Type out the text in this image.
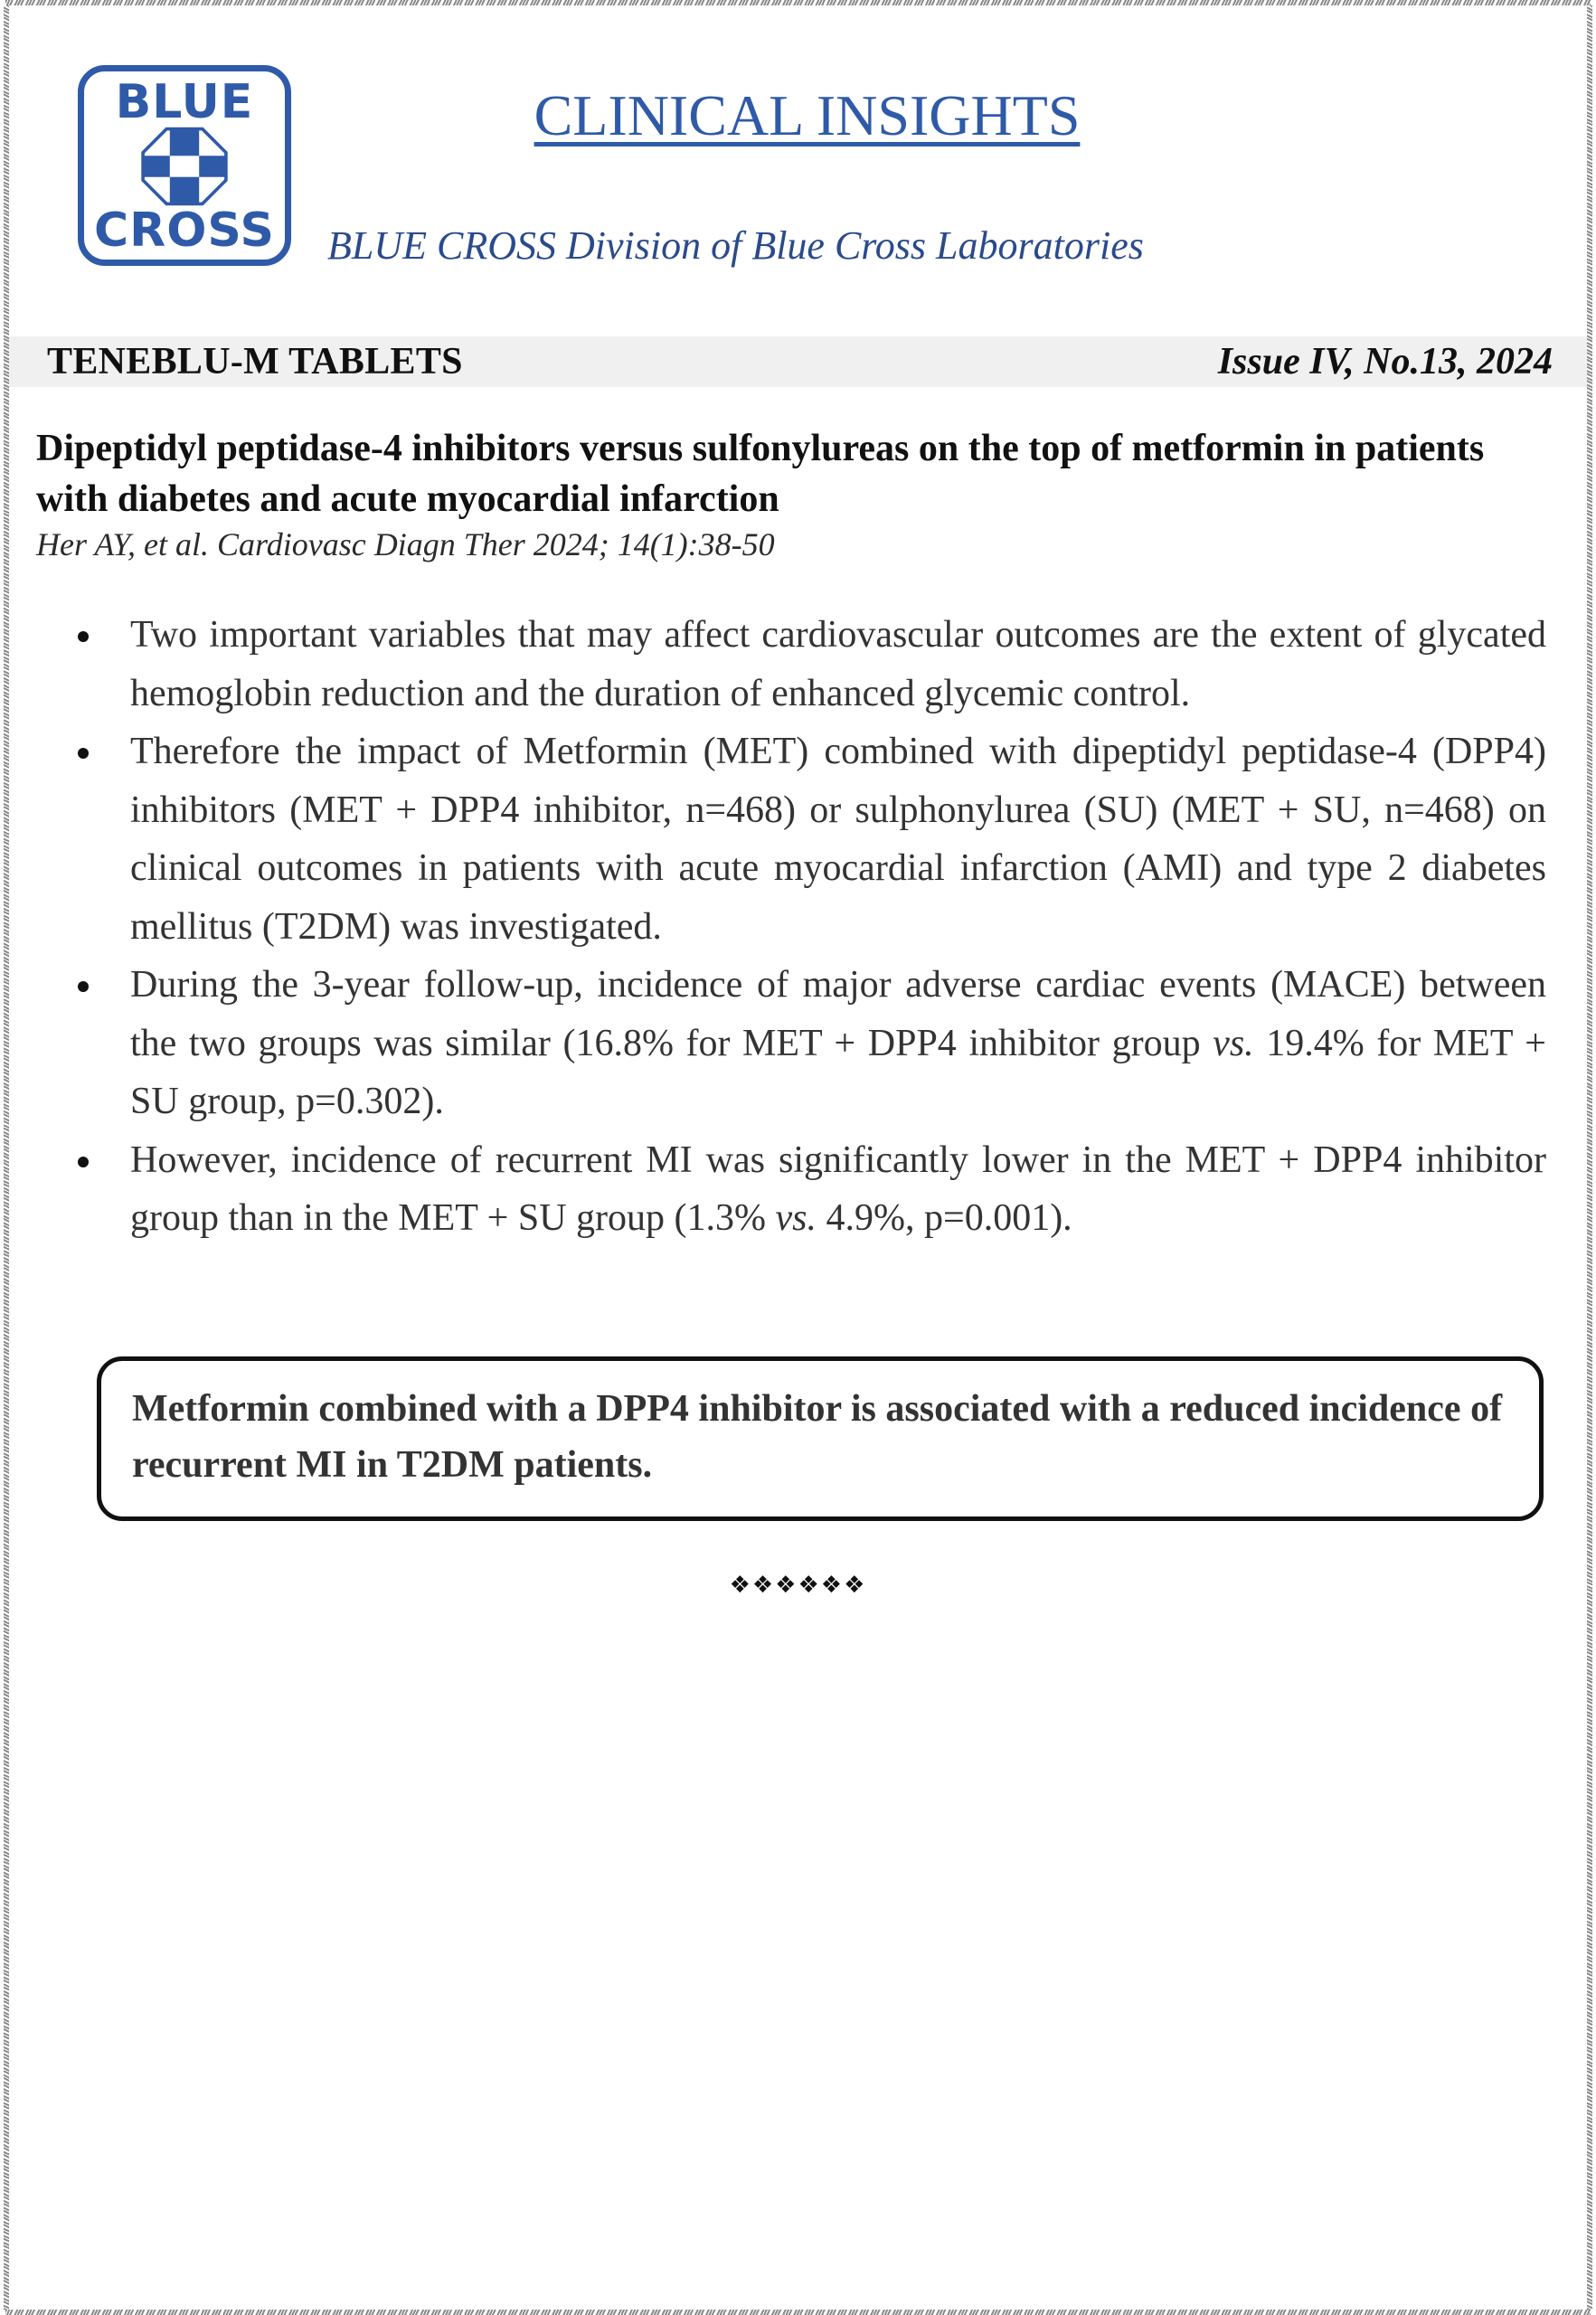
BLUE
CROSS
CLINICAL INSIGHTS
BLUE CROSS Division of Blue Cross Laboratories
TENEBLU-M TABLETS	Issue IV, No.13, 2024
Dipeptidyl peptidase-4 inhibitors versus sulfonylureas on the top of metformin in patients with diabetes and acute myocardial infarction
Her AY, et al. Cardiovasc Diagn Ther 2024; 14(1):38-50
Two important variables that may affect cardiovascular outcomes are the extent of glycated hemoglobin reduction and the duration of enhanced glycemic control.
Therefore the impact of Metformin (MET) combined with dipeptidyl peptidase-4 (DPP4) inhibitors (MET + DPP4 inhibitor, n=468) or sulphonylurea (SU) (MET + SU, n=468) on clinical outcomes in patients with acute myocardial infarction (AMI) and type 2 diabetes mellitus (T2DM) was investigated.
During the 3-year follow-up, incidence of major adverse cardiac events (MACE) between the two groups was similar (16.8% for MET + DPP4 inhibitor group vs. 19.4% for MET + SU group, p=0.302).
However, incidence of recurrent MI was significantly lower in the MET + DPP4 inhibitor group than in the MET + SU group (1.3% vs. 4.9%, p=0.001).
Metformin combined with a DPP4 inhibitor is associated with a reduced incidence of recurrent MI in T2DM patients.
❖❖❖❖❖❖
